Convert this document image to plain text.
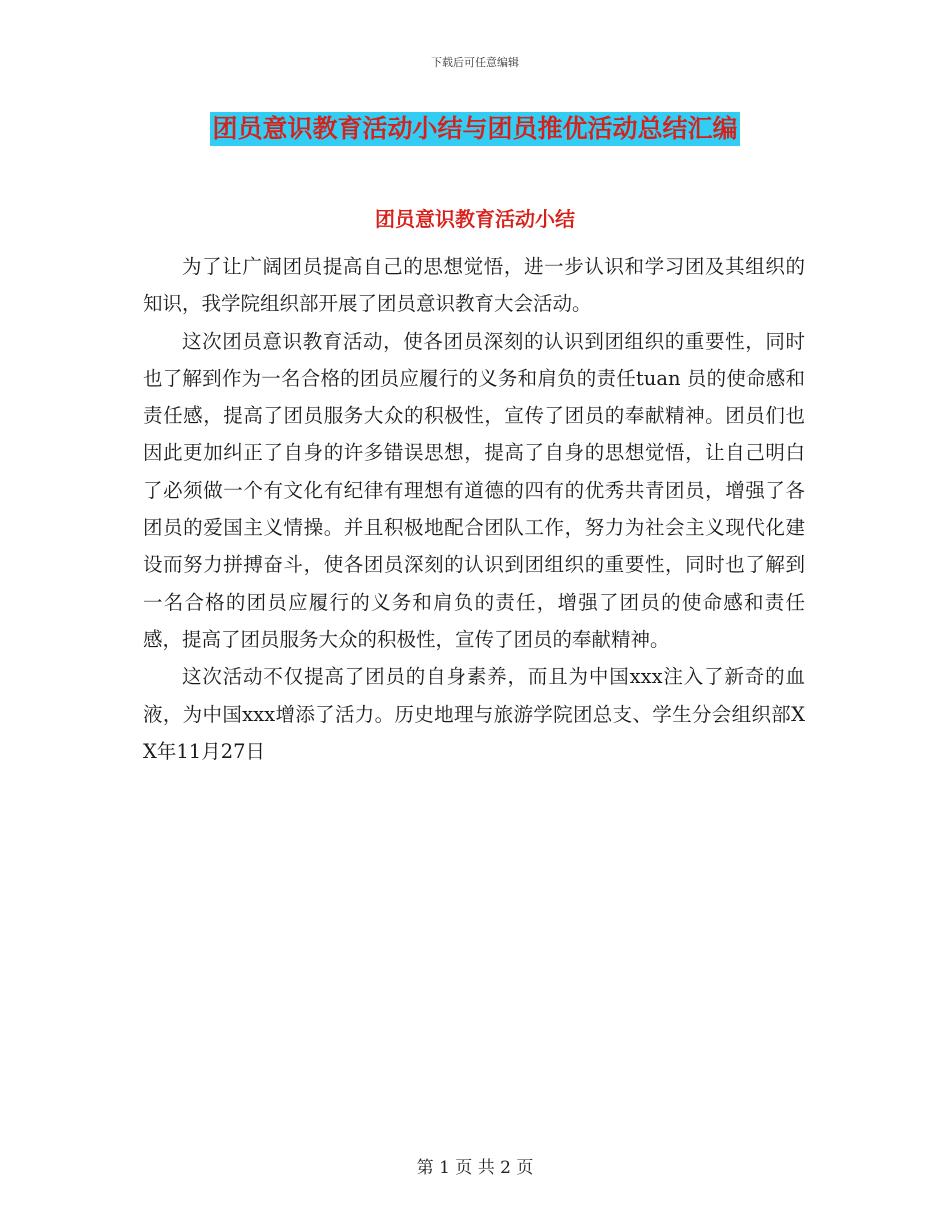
下载后可任意编辑
团员意识教育活动小结与团员推优活动总结汇编
团员意识教育活动小结

为了让广阔团员提高自己的思想觉悟，进一步认识和学习团及其组织的知识，我学院组织部开展了团员意识教育大会活动。

这次团员意识教育活动，使各团员深刻的认识到团组织的重要性，同时也了解到作为一名合格的团员应履行的义务和肩负的责任tuan 员的使命感和责任感，提高了团员服务大众的积极性，宣传了团员的奉献精神。团员们也因此更加纠正了自身的许多错误思想，提高了自身的思想觉悟，让自己明白了必须做一个有文化有纪律有理想有道德的四有的优秀共青团员，增强了各团员的爱国主义情操。并且积极地配合团队工作，努力为社会主义现代化建设而努力拼搏奋斗，使各团员深刻的认识到团组织的重要性，同时也了解到一名合格的团员应履行的义务和肩负的责任，增强了团员的使命感和责任感，提高了团员服务大众的积极性，宣传了团员的奉献精神。

这次活动不仅提高了团员的自身素养，而且为中国xxx注入了新奇的血液，为中国xxx增添了活力。历史地理与旅游学院团总支、学生分会组织部XX年11月27日

第 1 页 共 2 页
